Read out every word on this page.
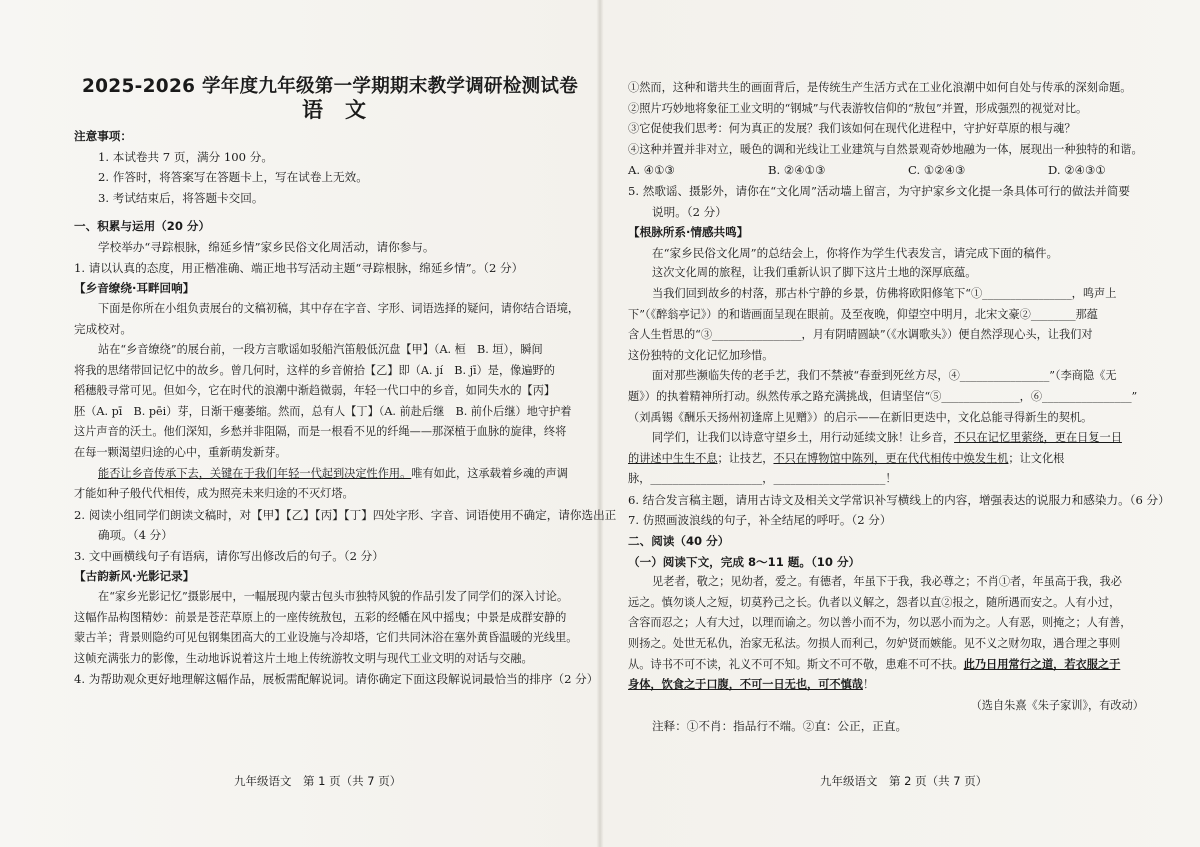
2025-2026 学年度九年级第一学期期末教学调研检测试卷

语文

注意事项：

1. 本试卷共 7 页，满分 100 分。

2. 作答时，将答案写在答题卡上，写在试卷上无效。

3. 考试结束后，将答题卡交回。

一、积累与运用（20 分）

学校举办“寻踪根脉，绵延乡情”家乡民俗文化周活动，请你参与。

1. 请以认真的态度，用正楷准确、端正地书写活动主题“寻踪根脉，绵延乡情”。（2 分）

【乡音缭绕·耳畔回响】

下面是你所在小组负责展台的文稿初稿，其中存在字音、字形、词语选择的疑问，请你结合语境，

完成校对。

站在“乡音缭绕”的展台前，一段方言歌谣如驳船汽笛般低沉盘【甲】（A. 桓　B. 垣），瞬间

将我的思绪带回记忆中的故乡。曾几何时，这样的乡音俯拾【乙】即（A. jí　B. jī）是，像遍野的

稻穗般寻常可见。但如今，它在时代的浪潮中渐趋微弱，年轻一代口中的乡音，如同失水的【丙】

胚（A. pī　B. pēi）芽，日渐干瘪萎缩。然而，总有人【丁】（A. 前赴后继　B. 前仆后继）地守护着

这片声音的沃土。他们深知，乡愁并非阻隔，而是一根看不见的纤绳——那深植于血脉的旋律，终将

在每一颗渴望归途的心中，重新萌发新芽。

能否让乡音传承下去，关键在于我们年轻一代起到决定性作用。唯有如此，这承载着乡魂的声调

才能如种子般代代相传，成为照亮未来归途的不灭灯塔。

2. 阅读小组同学们朗读文稿时，对【甲】【乙】【丙】【丁】四处字形、字音、词语使用不确定，请你选出正

确项。（4 分）

3. 文中画横线句子有语病，请你写出修改后的句子。（2 分）

【古韵新风·光影记录】

在“家乡光影记忆”摄影展中，一幅展现内蒙古包头市独特风貌的作品引发了同学们的深入讨论。

这幅作品构图精妙：前景是苍茫草原上的一座传统敖包，五彩的经幡在风中摇曳；中景是成群安静的

蒙古羊；背景则隐约可见包钢集团高大的工业设施与冷却塔，它们共同沐浴在塞外黄昏温暖的光线里。

这帧充满张力的影像，生动地诉说着这片土地上传统游牧文明与现代工业文明的对话与交融。

4. 为帮助观众更好地理解这幅作品，展板需配解说词。请你确定下面这段解说词最恰当的排序（2 分）

九年级语文　第 1 页（共 7 页）

①然而，这种和谐共生的画面背后，是传统生产生活方式在工业化浪潮中如何自处与传承的深刻命题。

②照片巧妙地将象征工业文明的“钢城”与代表游牧信仰的“敖包”并置，形成强烈的视觉对比。

③它促使我们思考：何为真正的发展？我们该如何在现代化进程中，守护好草原的根与魂？

④这种并置并非对立，暖色的调和光线让工业建筑与自然景观奇妙地融为一体，展现出一种独特的和谐。

A. ④①③	B. ②④①③	C. ①②④③	D. ②④③①

5. 然歌谣、摄影外，请你在“文化周”活动墙上留言，为守护家乡文化提一条具体可行的做法并简要

说明。（2 分）

【根脉所系·情感共鸣】

在“家乡民俗文化周”的总结会上，你将作为学生代表发言，请完成下面的稿件。

这次文化周的旅程，让我们重新认识了脚下这片土地的深厚底蕴。

当我们回到故乡的村落，那古朴宁静的乡景，仿佛将欧阳修笔下“①________________，鸣声上

下”（《醉翁亭记》）的和谐画面呈现在眼前。及至夜晚，仰望空中明月，北宋文豪②________那蕴

含人生哲思的“③________________，月有阴晴圆缺”（《水调歌头》）便自然浮现心头，让我们对

这份独特的文化记忆加珍惜。

面对那些濒临失传的老手艺，我们不禁被“春蚕到死丝方尽，④________________”（李商隐《无

题》）的执着精神所打动。纵然传承之路充满挑战，但请坚信“⑤______________，⑥________________”

（刘禹锡《酬乐天扬州初逢席上见赠》）的启示——在新旧更迭中，文化总能寻得新生的契机。

同学们，让我们以诗意守望乡土，用行动延续文脉！让乡音，不只在记忆里萦绕，更在日复一日

的讲述中生生不息；让技艺，不只在博物馆中陈列，更在代代相传中焕发生机；让文化根

脉，____________________，____________________！

6. 结合发言稿主题，请用古诗文及相关文学常识补写横线上的内容，增强表达的说服力和感染力。（6 分）

7. 仿照画波浪线的句子，补全结尾的呼吁。（2 分）

二、阅读（40 分）

（一）阅读下文，完成 8～11 题。（10 分）

见老者，敬之；见幼者，爱之。有德者，年虽下于我，我必尊之；不肖①者，年虽高于我，我必

远之。慎勿谈人之短，切莫矜己之长。仇者以义解之，怨者以直②报之，随所遇而安之。人有小过，

含容而忍之；人有大过，以理而谕之。勿以善小而不为，勿以恶小而为之。人有恶，则掩之；人有善，

则扬之。处世无私仇，治家无私法。勿损人而利己，勿妒贤而嫉能。见不义之财勿取，遇合理之事则

从。诗书不可不读，礼义不可不知。斯文不可不敬，患难不可不扶。此乃日用常行之道，若衣服之于

身体，饮食之于口腹，不可一日无也，可不慎哉！

（选自朱熹《朱子家训》，有改动）

注释：①不肖：指品行不端。②直：公正，正直。

九年级语文　第 2 页（共 7 页）
